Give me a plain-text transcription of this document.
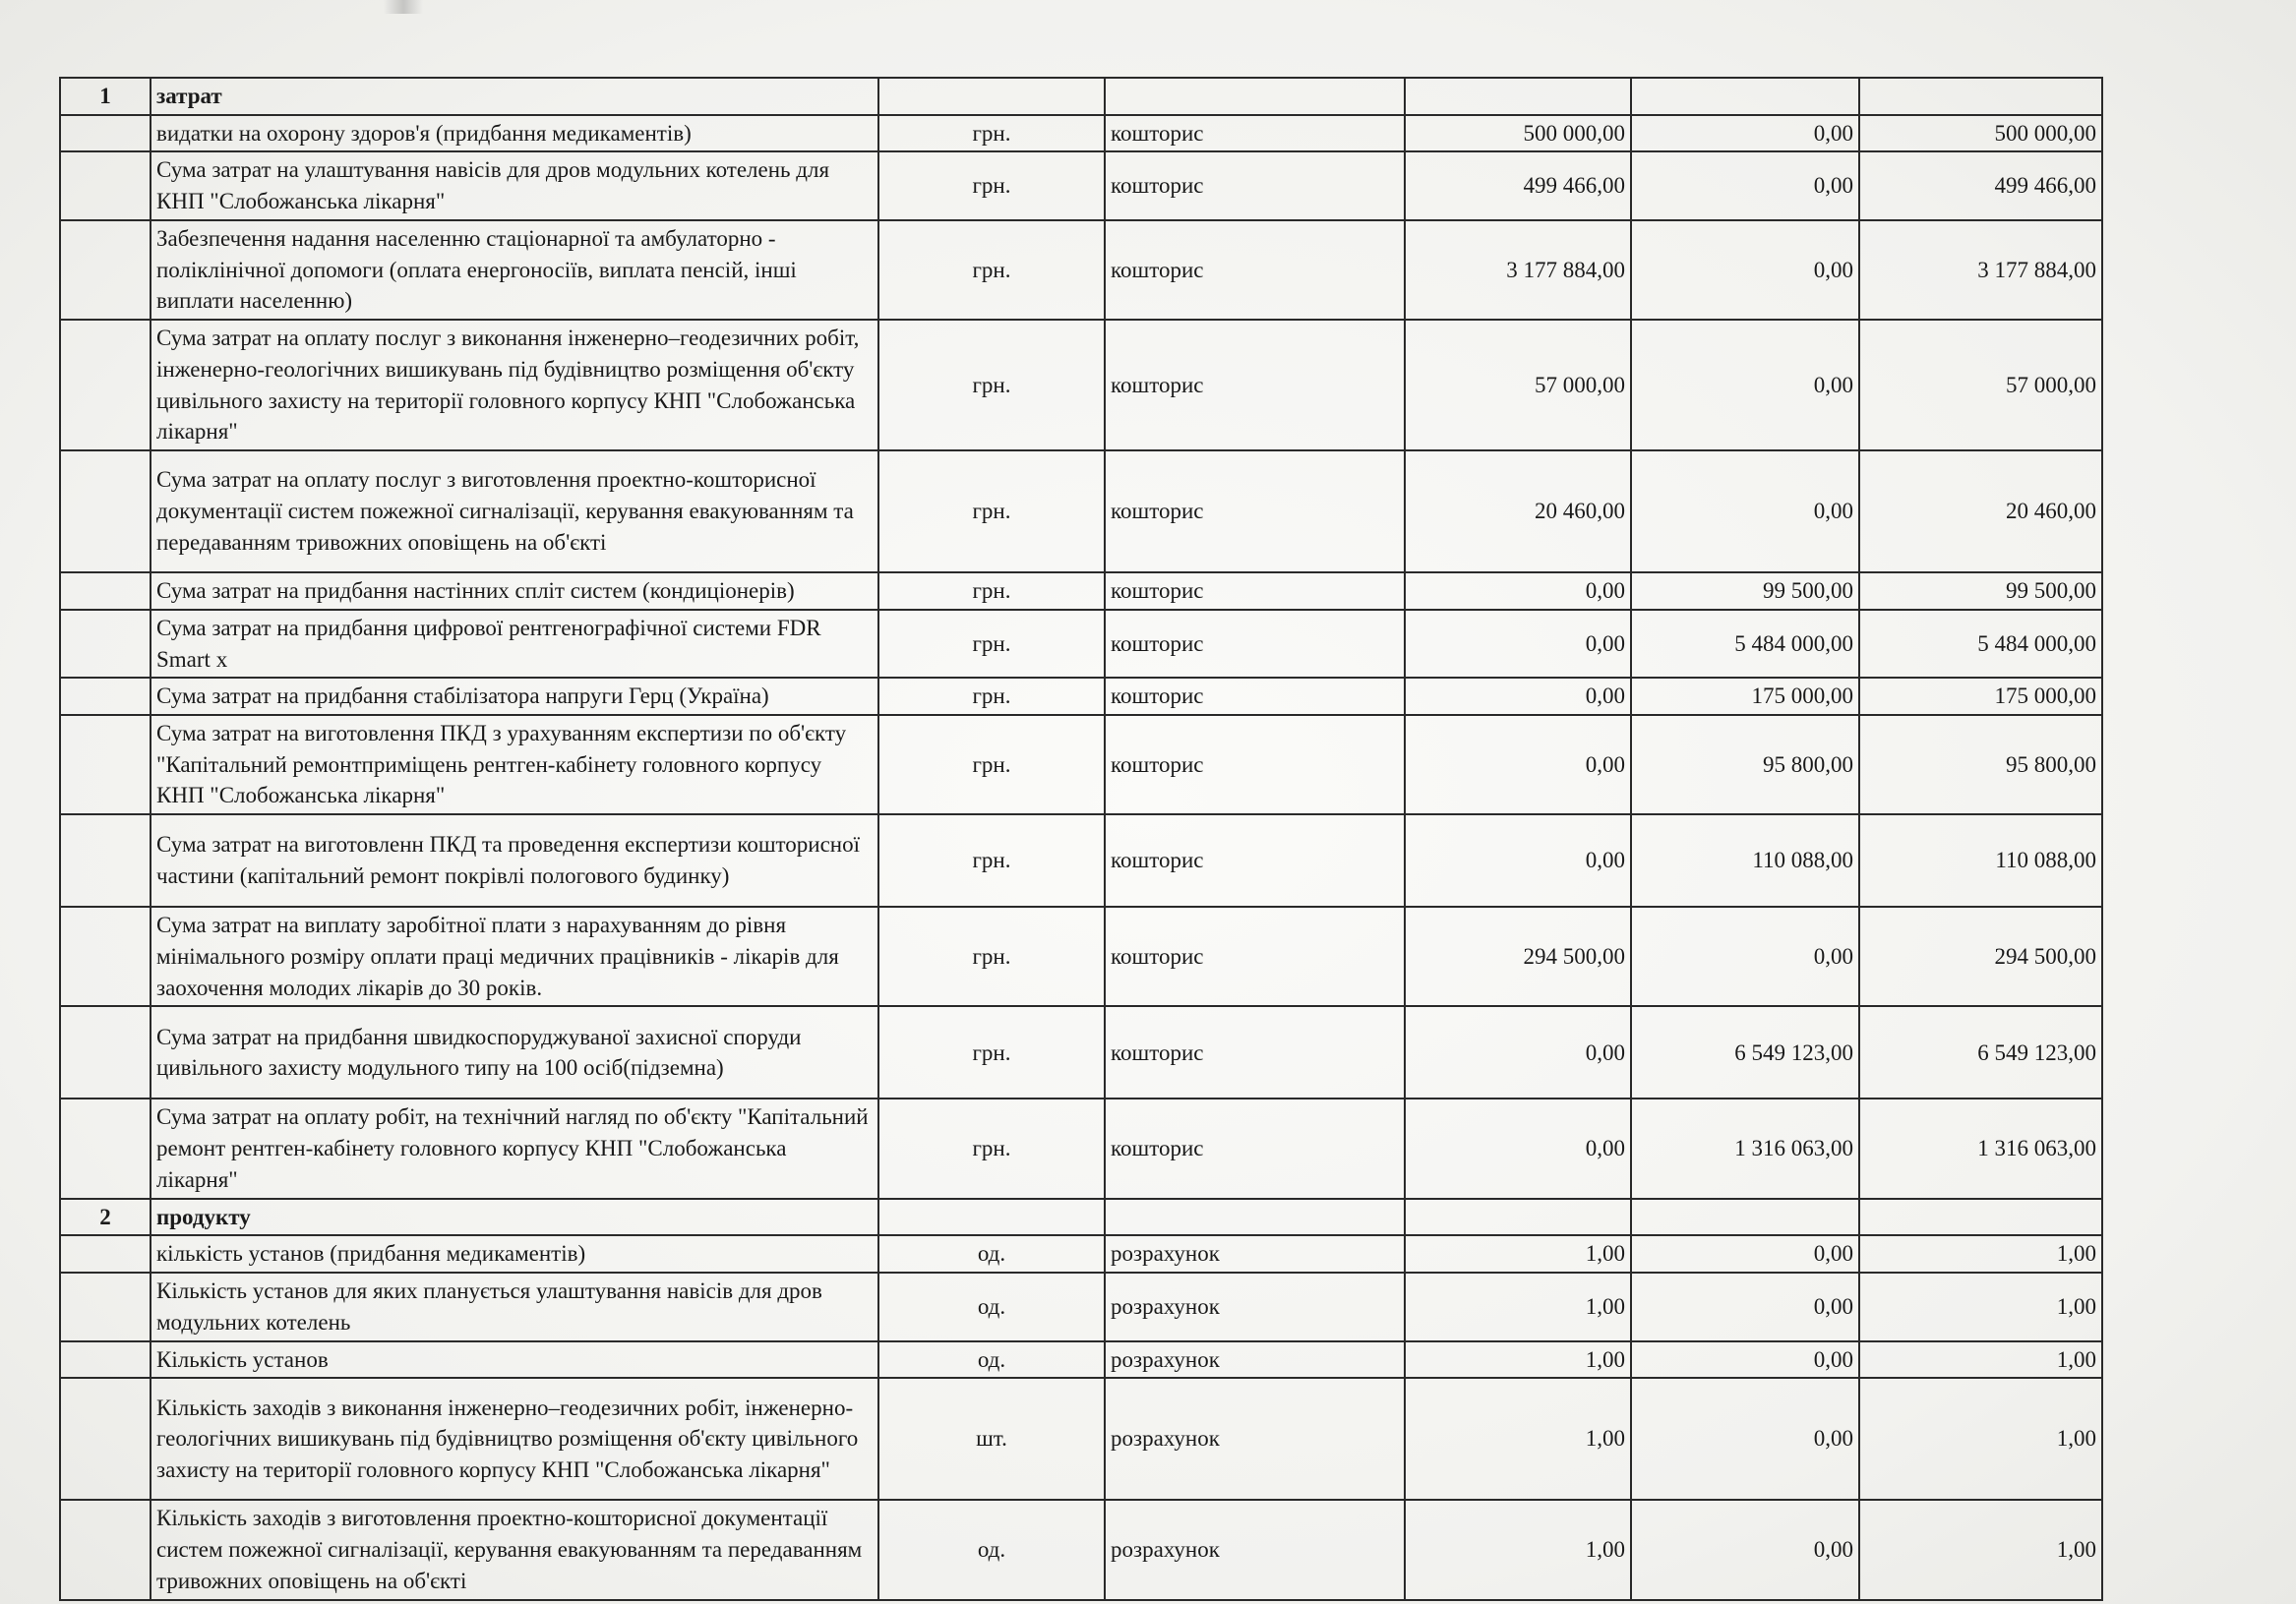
1	затрат					
	видатки на охорону здоров'я (придбання медикаментів)	грн.	кошторис	500 000,00	0,00	500 000,00
	Сума затрат на улаштування навісів для дров модульних котелень для КНП "Слобожанська лікарня"	грн.	кошторис	499 466,00	0,00	499 466,00
	Забезпечення надання населенню стаціонарної та амбулаторно - поліклінічної допомоги (оплата енергоносіїв, виплата пенсій, інші виплати населенню)	грн.	кошторис	3 177 884,00	0,00	3 177 884,00
	Сума затрат на оплату послуг з виконання інженерно–геодезичних робіт, інженерно-геологічних вишикувань під будівництво розміщення об'єкту цивільного захисту на території головного корпусу КНП "Слобожанська лікарня"	грн.	кошторис	57 000,00	0,00	57 000,00
	Сума затрат на оплату послуг з виготовлення проектно-кошторисної документації систем пожежної сигналізації, керування евакуюванням та передаванням тривожних оповіщень на об'єкті	грн.	кошторис	20 460,00	0,00	20 460,00
	Сума затрат на придбання настінних спліт систем (кондиціонерів)	грн.	кошторис	0,00	99 500,00	99 500,00
	Сума затрат на придбання цифрової рентгенографічної системи FDR Smart x	грн.	кошторис	0,00	5 484 000,00	5 484 000,00
	Сума затрат на придбання стабілізатора напруги Герц (Україна)	грн.	кошторис	0,00	175 000,00	175 000,00
	Сума затрат на виготовлення ПКД з урахуванням експертизи по об'єкту "Капітальний ремонтприміщень рентген-кабінету головного корпусу КНП "Слобожанська лікарня"	грн.	кошторис	0,00	95 800,00	95 800,00
	Сума затрат на виготовленн ПКД та проведення експертизи кошторисної частини (капітальний ремонт покрівлі пологового будинку)	грн.	кошторис	0,00	110 088,00	110 088,00
	Сума затрат на виплату заробітної плати з нарахуванням до рівня мінімального розміру оплати праці медичних працівників - лікарів для заохочення молодих лікарів до 30 років.	грн.	кошторис	294 500,00	0,00	294 500,00
	Сума затрат на придбання швидкоспоруджуваної захисної споруди цивільного захисту модульного типу на 100 осіб(підземна)	грн.	кошторис	0,00	6 549 123,00	6 549 123,00
	Сума затрат на оплату робіт, на технічний нагляд по об'єкту "Капітальний ремонт рентген-кабінету головного корпусу КНП "Слобожанська лікарня"	грн.	кошторис	0,00	1 316 063,00	1 316 063,00
2	продукту					
	кількість установ (придбання медикаментів)	од.	розрахунок	1,00	0,00	1,00
	Кількість установ для яких планується улаштування навісів для дров модульних котелень	од.	розрахунок	1,00	0,00	1,00
	Кількість установ	од.	розрахунок	1,00	0,00	1,00
	Кількість заходів з виконання інженерно–геодезичних робіт, інженерно-геологічних вишикувань під будівництво розміщення об'єкту цивільного захисту на території головного корпусу КНП "Слобожанська лікарня"	шт.	розрахунок	1,00	0,00	1,00
	Кількість заходів з виготовлення проектно-кошторисної документації систем пожежної сигналізації, керування евакуюванням та передаванням тривожних оповіщень на об'єкті	од.	розрахунок	1,00	0,00	1,00
